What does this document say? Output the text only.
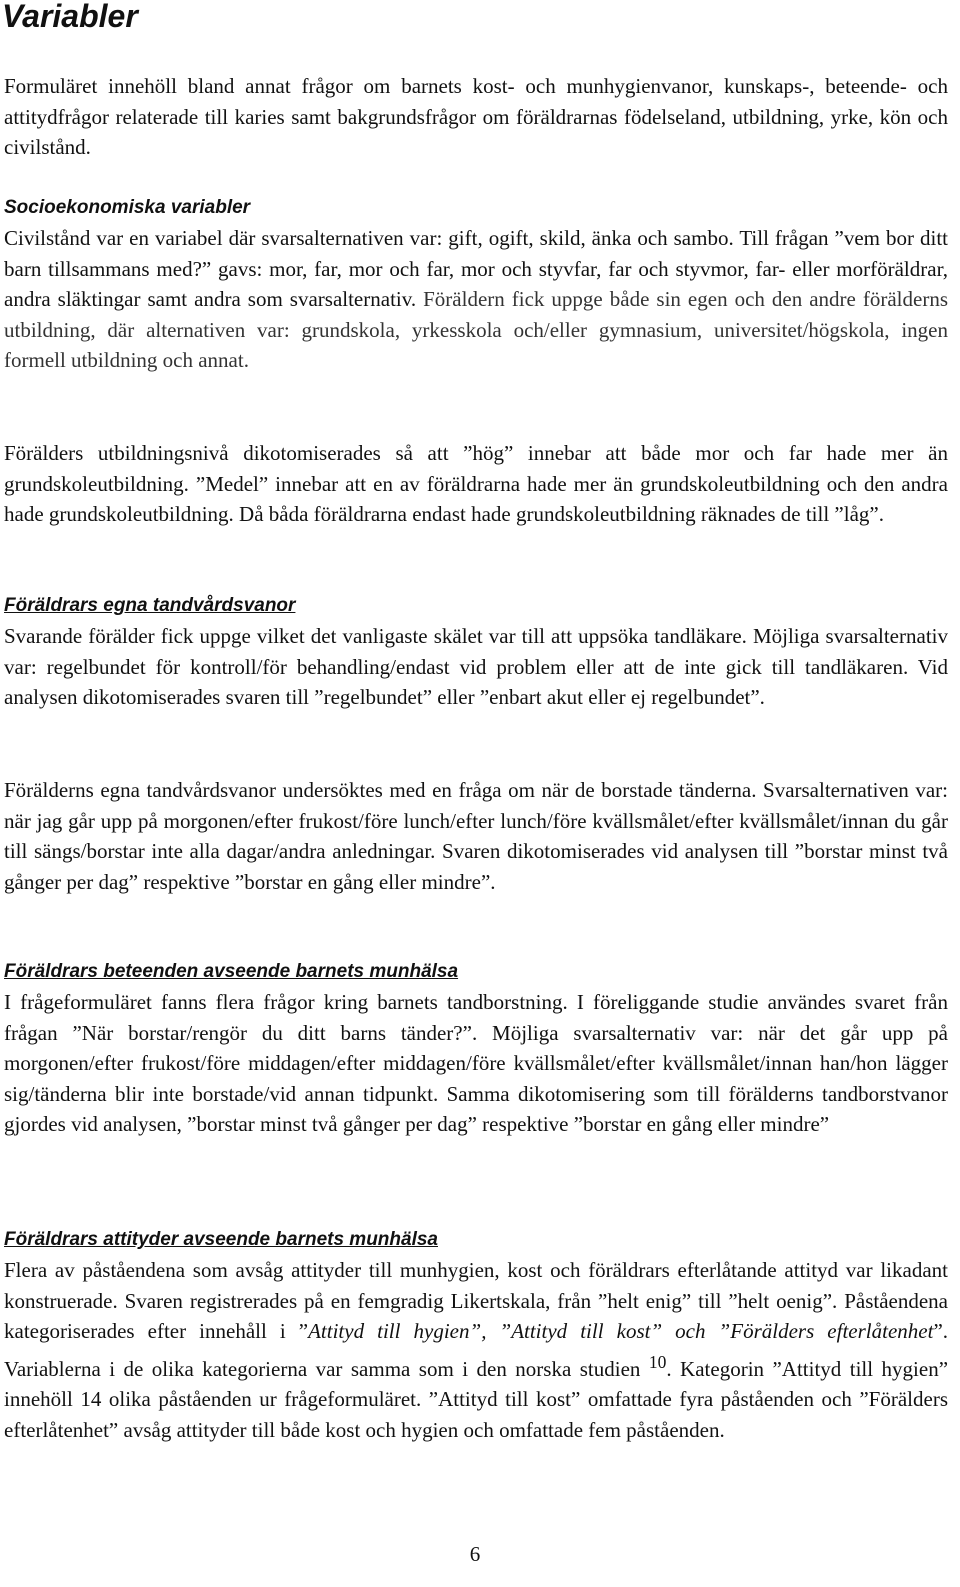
Variabler

Formuläret innehöll bland annat frågor om barnets kost- och munhygienvanor, kunskaps-, beteende- och attitydfrågor relaterade till karies samt bakgrundsfrågor om föräldrarnas födelseland, utbildning, yrke, kön och civilstånd.

Socioekonomiska variabler

Civilstånd var en variabel där svarsalternativen var: gift, ogift, skild, änka och sambo. Till frågan ”vem bor ditt barn tillsammans med?” gavs: mor, far, mor och far, mor och styvfar, far och styvmor, far- eller morföräldrar, andra släktingar samt andra som svarsalternativ. Föräldern fick uppge både sin egen och den andre förälderns utbildning, där alternativen var: grundskola, yrkesskola och/eller gymnasium, universitet/högskola, ingen formell utbildning och annat.

Förälders utbildningsnivå dikotomiserades så att ”hög” innebar att både mor och far hade mer än grundskoleutbildning. ”Medel” innebar att en av föräldrarna hade mer än grundskoleutbildning och den andra hade grundskoleutbildning. Då båda föräldrarna endast hade grundskoleutbildning räknades de till ”låg”.

Föräldrars egna tandvårdsvanor

Svarande förälder fick uppge vilket det vanligaste skälet var till att uppsöka tandläkare. Möjliga svarsalternativ var: regelbundet för kontroll/för behandling/endast vid problem eller att de inte gick till tandläkaren. Vid analysen dikotomiserades svaren till ”regelbundet” eller ”enbart akut eller ej regelbundet”.

Förälderns egna tandvårdsvanor undersöktes med en fråga om när de borstade tänderna. Svarsalternativen var: när jag går upp på morgonen/efter frukost/före lunch/efter lunch/före kvällsmålet/efter kvällsmålet/innan du går till sängs/borstar inte alla dagar/andra anledningar. Svaren dikotomiserades vid analysen till ”borstar minst två gånger per dag” respektive ”borstar en gång eller mindre”.

Föräldrars beteenden avseende barnets munhälsa

I frågeformuläret fanns flera frågor kring barnets tandborstning. I föreliggande studie användes svaret från frågan ”När borstar/rengör du ditt barns tänder?”. Möjliga svarsalternativ var: när det går upp på morgonen/efter frukost/före middagen/efter middagen/före kvällsmålet/efter kvällsmålet/innan han/hon lägger sig/tänderna blir inte borstade/vid annan tidpunkt. Samma dikotomisering som till förälderns tandborstvanor gjordes vid analysen, ”borstar minst två gånger per dag” respektive ”borstar en gång eller mindre”

Föräldrars attityder avseende barnets munhälsa

Flera av påståendena som avsåg attityder till munhygien, kost och föräldrars efterlåtande attityd var likadant konstruerade. Svaren registrerades på en femgradig Likertskala, från ”helt enig” till ”helt oenig”. Påståendena kategoriserades efter innehåll i ”Attityd till hygien”, ”Attityd till kost” och ”Förälders efterlåtenhet”. Variablerna i de olika kategorierna var samma som i den norska studien $^{10}$. Kategorin ”Attityd till hygien” innehöll 14 olika påståenden ur frågeformuläret. ”Attityd till kost” omfattade fyra påståenden och ”Förälders efterlåtenhet” avsåg attityder till både kost och hygien och omfattade fem påståenden.

6
